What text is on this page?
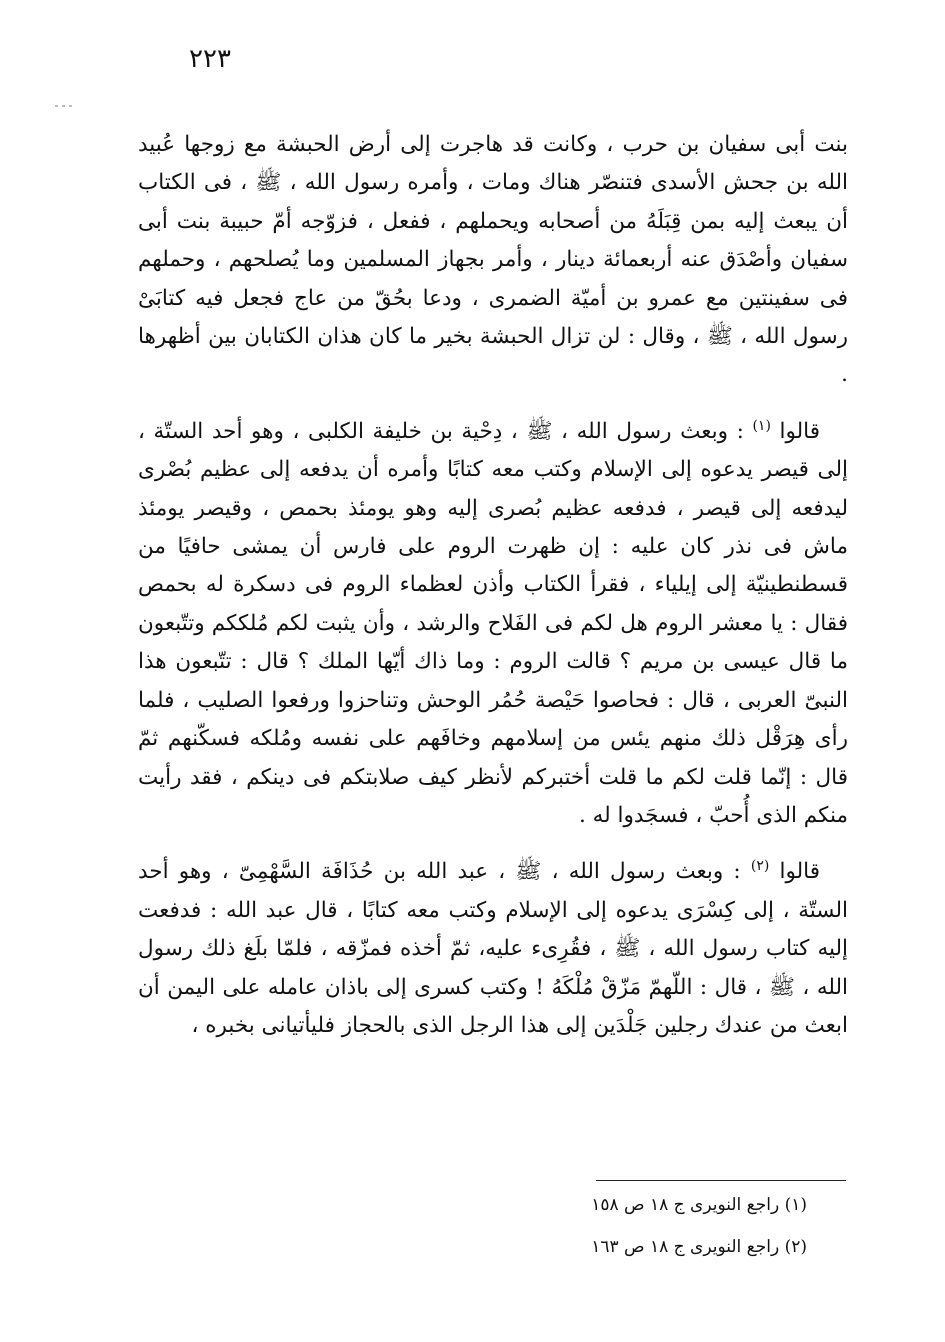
٢٢٣

بنت أبى سفيان بن حرب ، وكانت قد هاجرت إلى أرض الحبشة مع زوجها عُبيد الله بن جحش الأسدى فتنصّر هناك ومات ، وأمره رسول الله ، ﷺ ، فى الكتاب أن يبعث إليه بمن قِبَلَهُ من أصحابه ويحملهم ، ففعل ، فزوّجه أمّ حبيبة بنت أبى سفيان وأصْدَق عنه أربعمائة دينار ، وأمر بجهاز المسلمين وما يُصلحهم ، وحملهم فى سفينتين مع عمرو بن أميّة الضمرى ، ودعا بحُقّ من عاج فجعل فيه كتابَىْ رسول الله ، ﷺ ، وقال : لن تزال الحبشة بخير ما كان هذان الكتابان بين أظهرها .

قالوا $^{(١)}$ : وبعث رسول الله ، ﷺ ، دِحْية بن خليفة الكلبى ، وهو أحد الستّة ، إلى قيصر يدعوه إلى الإسلام وكتب معه كتابًا وأمره أن يدفعه إلى عظيم بُصْرى ليدفعه إلى قيصر ، فدفعه عظيم بُصرى إليه وهو يومئذ بحمص ، وقيصر يومئذ ماش فى نذر كان عليه : إن ظهرت الروم على فارس أن يمشى حافيًا من قسطنطينيّة إلى إيلياء ، فقرأ الكتاب وأذن لعظماء الروم فى دسكرة له بحمص فقال : يا معشر الروم هل لكم فى الفَلاح والرشد ، وأن يثبت لكم مُلككم وتتّبعون ما قال عيسى بن مريم ؟ قالت الروم : وما ذاك أيّها الملك ؟ قال : تتّبعون هذا النبىّ العربى ، قال : فحاصوا حَيْصة حُمُر الوحش وتناحزوا ورفعوا الصليب ، فلما رأى هِرَقْل ذلك منهم يئس من إسلامهم وخافَهم على نفسه ومُلكه فسكّنهم ثمّ قال : إنّما قلت لكم ما قلت أختبركم لأنظر كيف صلابتكم فى دينكم ، فقد رأيت منكم الذى أُحبّ ، فسجَدوا له .

قالوا $^{(٢)}$ : وبعث رسول الله ، ﷺ ، عبد الله بن حُذَافَة السَّهْمِىّ ، وهو أحد الستّة ، إلى كِسْرَى يدعوه إلى الإسلام وكتب معه كتابًا ، قال عبد الله : فدفعت إليه كتاب رسول الله ، ﷺ ، فقُرِىء عليه، ثمّ أخذه فمزّقه ، فلمّا بلَغ ذلك رسول الله ، ﷺ ، قال : اللّهمّ مَزّقْ مُلْكَهُ ! وكتب كسرى إلى باذان عامله على اليمن أن ابعث من عندك رجلين جَلْدَين إلى هذا الرجل الذى بالحجاز فليأتيانى بخبره ،

(١) راجع النويرى ج ١٨ ص ١٥٨

(٢) راجع النويرى ج ١٨ ص ١٦٣
